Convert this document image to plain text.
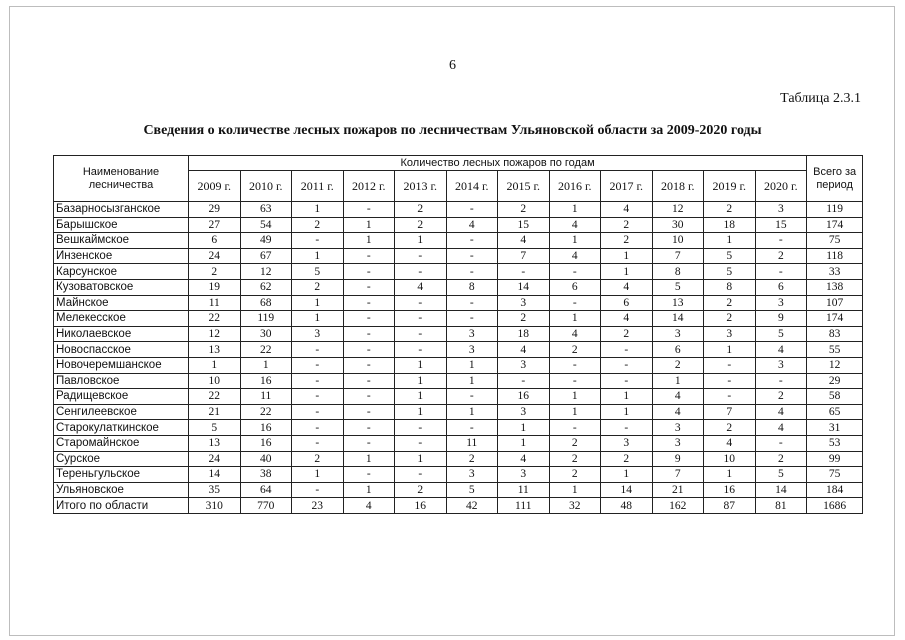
6
Таблица 2.3.1
Сведения о количестве лесных пожаров по лесничествам Ульяновской области за 2009-2020 годы
Наименование лесничества	Количество лесных пожаров по годам												Всего за период
	2009 г.	2010 г.	2011 г.	2012 г.	2013 г.	2014 г.	2015 г.	2016 г.	2017 г.	2018 г.	2019 г.	2020 г.	
Базарносызганское	29	63	1	-	2	-	2	1	4	12	2	3	119
Барышское	27	54	2	1	2	4	15	4	2	30	18	15	174
Вешкаймское	6	49	-	1	1	-	4	1	2	10	1	-	75
Инзенское	24	67	1	-	-	-	7	4	1	7	5	2	118
Карсунское	2	12	5	-	-	-	-	-	1	8	5	-	33
Кузоватовское	19	62	2	-	4	8	14	6	4	5	8	6	138
Майнское	11	68	1	-	-	-	3	-	6	13	2	3	107
Мелекесское	22	119	1	-	-	-	2	1	4	14	2	9	174
Николаевское	12	30	3	-	-	3	18	4	2	3	3	5	83
Новоспасское	13	22	-	-	-	3	4	2	-	6	1	4	55
Новочеремшанское	1	1	-	-	1	1	3	-	-	2	-	3	12
Павловское	10	16	-	-	1	1	-	-	-	1	-	-	29
Радищевское	22	11	-	-	1	-	16	1	1	4	-	2	58
Сенгилеевское	21	22	-	-	1	1	3	1	1	4	7	4	65
Старокулаткинское	5	16	-	-	-	-	1	-	-	3	2	4	31
Старомайнское	13	16	-	-	-	11	1	2	3	3	4	-	53
Сурское	24	40	2	1	1	2	4	2	2	9	10	2	99
Тереньгульское	14	38	1	-	-	3	3	2	1	7	1	5	75
Ульяновское	35	64	-	1	2	5	11	1	14	21	16	14	184
Итого по области	310	770	23	4	16	42	111	32	48	162	87	81	1686
